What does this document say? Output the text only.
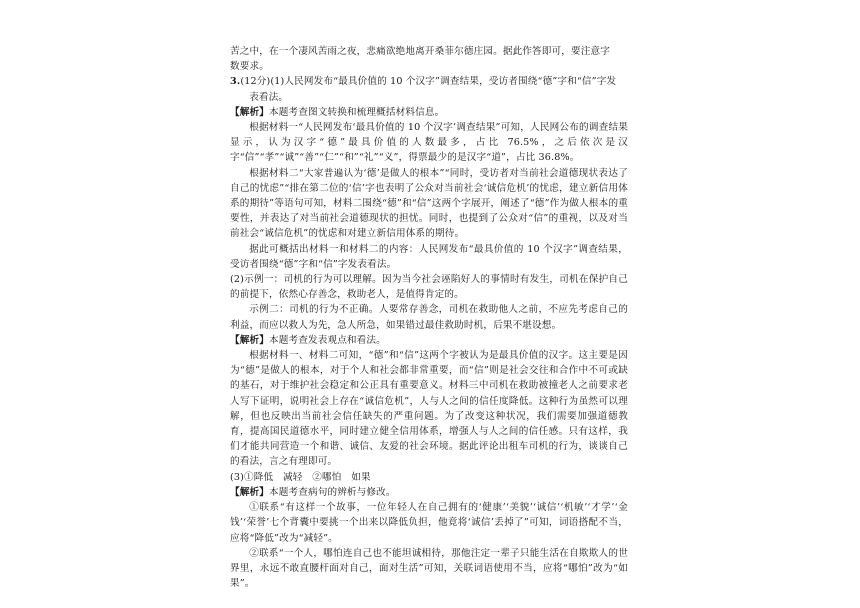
苦之中，在一个凄风苦雨之夜，悲痛欲绝地离开桑菲尔德庄园。据此作答即可，要注意字

数要求。

3.(12分)(1)人民网发布“最具价值的 10 个汉字”调查结果，受访者围绕“德”字和“信”字发

表看法。

【解析】本题考查图文转换和梳理概括材料信息。

根据材料一“人民网发布‘最具价值的 10 个汉字’调查结果”可知，人民网公布的调查结果显示，认为汉字“德”最具价值的人数最多，占比 76.5%，之后依次是汉字“信”“孝”“诚”“善”“仁”“和”“礼”“义”，得票最少的是汉字“道”，占比 36.8%。

根据材料二“大家普遍认为‘德’是做人的根本”“同时，受访者对当前社会道德现状表达了自己的忧虑”“排在第二位的‘信’字也表明了公众对当前社会‘诚信危机’的忧虑，建立新信用体系的期待”等语句可知，材料二围绕“德”和“信”这两个字展开，阐述了“德”作为做人根本的重要性，并表达了对当前社会道德现状的担忧。同时，也提到了公众对“信”的重视，以及对当前社会“诚信危机”的忧虑和对建立新信用体系的期待。

据此可概括出材料一和材料二的内容：人民网发布“最具价值的 10 个汉字”调查结果，受访者围绕“德”字和“信”字发表看法。

(2)示例一：司机的行为可以理解。因为当今社会诬陷好人的事情时有发生，司机在保护自己的前提下，依然心存善念，救助老人，是值得肯定的。

示例二：司机的行为不正确。人要常存善念，司机在救助他人之前，不应先考虑自己的利益，而应以救人为先，急人所急，如果错过最佳救助时机，后果不堪设想。

【解析】本题考查发表观点和看法。

根据材料一、材料二可知，“德”和“信”这两个字被认为是最具价值的汉字。这主要是因为“德”是做人的根本，对于个人和社会都非常重要，而“信”则是社会交往和合作中不可或缺的基石，对于维护社会稳定和公正具有重要意义。材料三中司机在救助被撞老人之前要求老人写下证明，说明社会上存在“诚信危机”，人与人之间的信任度降低。这种行为虽然可以理解，但也反映出当前社会信任缺失的严重问题。为了改变这种状况，我们需要加强道德教育，提高国民道德水平，同时建立健全信用体系，增强人与人之间的信任感。只有这样，我们才能共同营造一个和谐、诚信、友爱的社会环境。据此评论出租车司机的行为，谈谈自己的看法，言之有理即可。

(3)①降低　减轻　②哪怕　如果

【解析】本题考查病句的辨析与修改。

①联系“有这样一个故事，一位年轻人在自己拥有的‘健康’‘美貌’‘诚信’‘机敏’‘才学’‘金钱’‘荣誉’七个背囊中要挑一个出来以降低负担，他竟将‘诚信’丢掉了”可知，词语搭配不当，应将“降低”改为“减轻”。

②联系“一个人，哪怕连自己也不能坦诚相待，那他注定一辈子只能生活在自欺欺人的世界里，永远不敢直腰杆面对自己，面对生活”可知，关联词语使用不当，应将“哪怕”改为“如果”。
